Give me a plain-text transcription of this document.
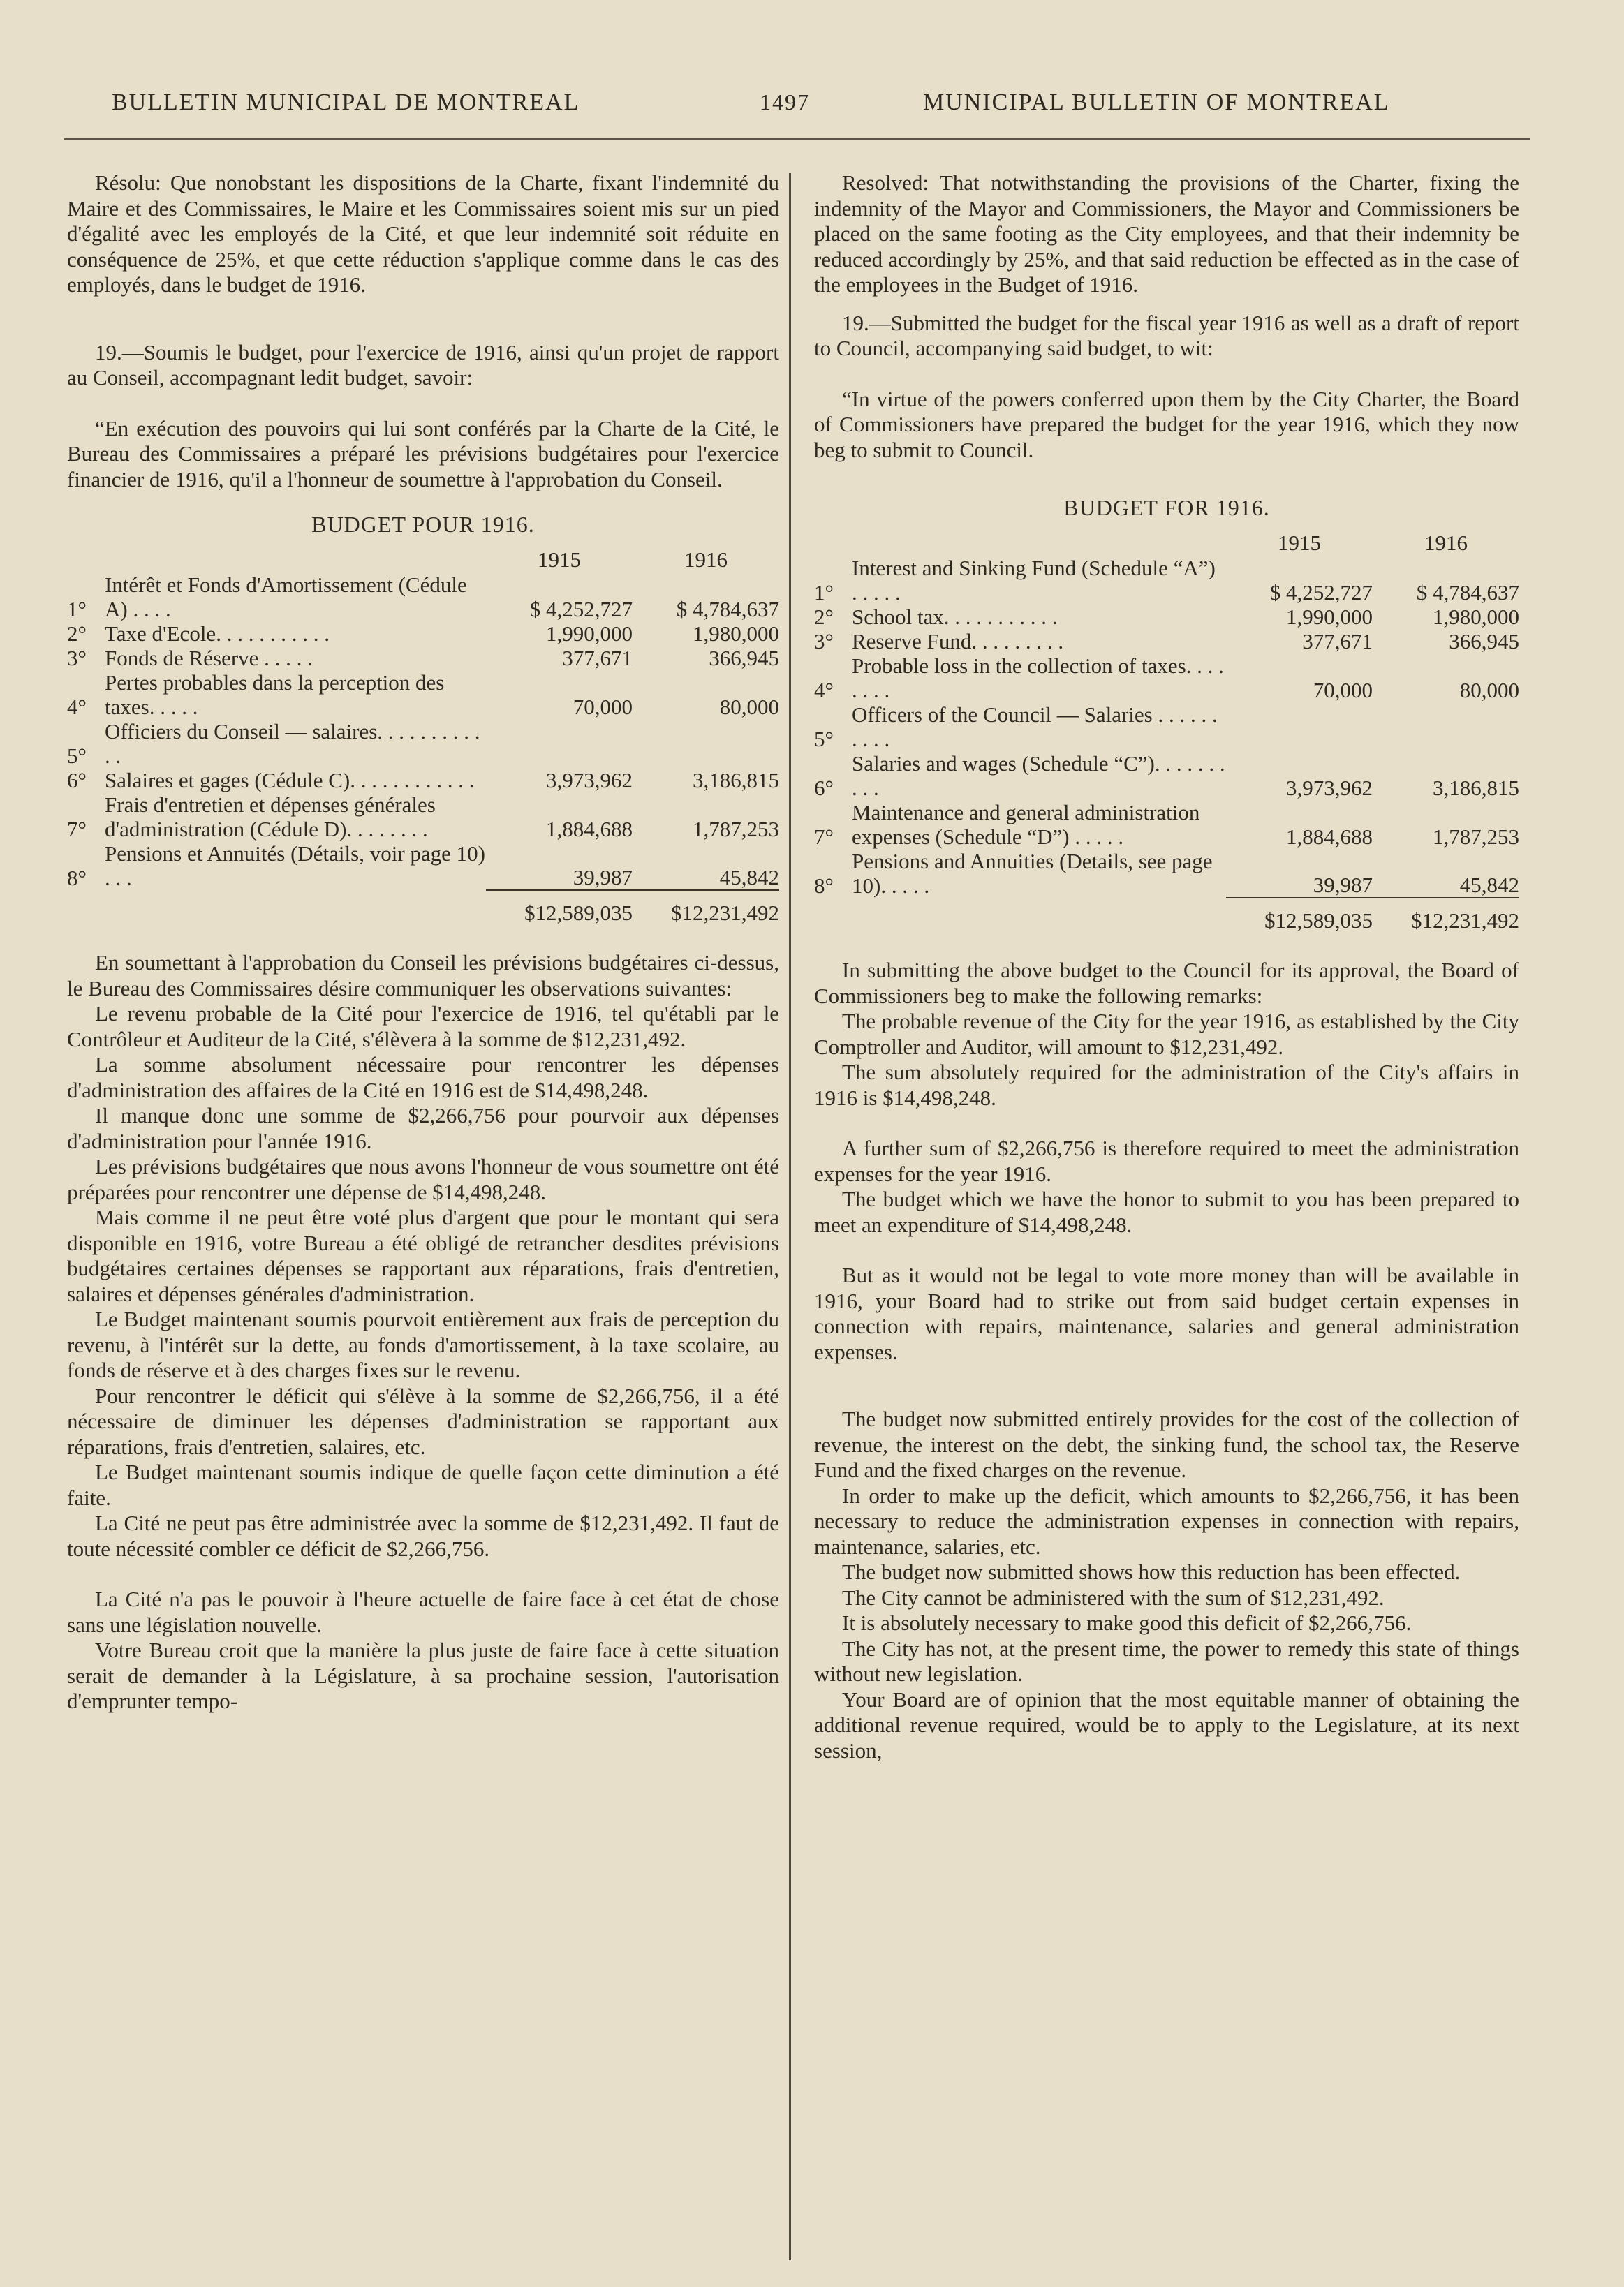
BULLETIN MUNICIPAL DE MONTREAL	1497	MUNICIPAL BULLETIN OF MONTREAL

Résolu: Que nonobstant les dispositions de la Charte, fixant l'indemnité du Maire et des Commissaires, le Maire et les Commissaires soient mis sur un pied d'égalité avec les employés de la Cité, et que leur indemnité soit réduite en conséquence de 25%, et que cette réduction s'applique comme dans le cas des employés, dans le budget de 1916.

19.—Soumis le budget, pour l'exercice de 1916, ainsi qu'un projet de rapport au Conseil, accompagnant ledit budget, savoir:

“En exécution des pouvoirs qui lui sont conférés par la Charte de la Cité, le Bureau des Commissaires a préparé les prévisions budgétaires pour l'exercice financier de 1916, qu'il a l'honneur de soumettre à l'approbation du Conseil.

BUDGET POUR 1916.
1915	1916
1°	Intérêt et Fonds d'Amortissement (Cédule A) . . . .	$ 4,252,727	$ 4,784,637
2°	Taxe d'Ecole. . . . . . . . . . .	1,990,000	1,980,000
3°	Fonds de Réserve . . . . .	377,671	366,945
4°	Pertes probables dans la perception des taxes. . . . .	70,000	80,000
5°	Officiers du Conseil — salaires. . . . . . . . . . . .		
6°	Salaires et gages (Cédule C). . . . . . . . . . . .	3,973,962	3,186,815
7°	Frais d'entretien et dépenses générales d'administration (Cédule D). . . . . . . .	1,884,688	1,787,253
8°	Pensions et Annuités (Détails, voir page 10) . . .	39,987	45,842
		$12,589,035	$12,231,492

En soumettant à l'approbation du Conseil les prévisions budgétaires ci-dessus, le Bureau des Commissaires désire communiquer les observations suivantes:

Le revenu probable de la Cité pour l'exercice de 1916, tel qu'établi par le Contrôleur et Auditeur de la Cité, s'élèvera à la somme de $12,231,492.

La somme absolument nécessaire pour rencontrer les dépenses d'administration des affaires de la Cité en 1916 est de $14,498,248.

Il manque donc une somme de $2,266,756 pour pourvoir aux dépenses d'administration pour l'année 1916.

Les prévisions budgétaires que nous avons l'honneur de vous soumettre ont été préparées pour rencontrer une dépense de $14,498,248.

Mais comme il ne peut être voté plus d'argent que pour le montant qui sera disponible en 1916, votre Bureau a été obligé de retrancher desdites prévisions budgétaires certaines dépenses se rapportant aux réparations, frais d'entretien, salaires et dépenses générales d'administration.

Le Budget maintenant soumis pourvoit entièrement aux frais de perception du revenu, à l'intérêt sur la dette, au fonds d'amortissement, à la taxe scolaire, au fonds de réserve et à des charges fixes sur le revenu.

Pour rencontrer le déficit qui s'élève à la somme de $2,266,756, il a été nécessaire de diminuer les dépenses d'administration se rapportant aux réparations, frais d'entretien, salaires, etc.

Le Budget maintenant soumis indique de quelle façon cette diminution a été faite.

La Cité ne peut pas être administrée avec la somme de $12,231,492. Il faut de toute nécessité combler ce déficit de $2,266,756.

La Cité n'a pas le pouvoir à l'heure actuelle de faire face à cet état de chose sans une législation nouvelle.

Votre Bureau croit que la manière la plus juste de faire face à cette situation serait de demander à la Législature, à sa prochaine session, l'autorisation d'emprunter tempo-

Resolved: That notwithstanding the provisions of the Charter, fixing the indemnity of the Mayor and Commissioners, the Mayor and Commissioners be placed on the same footing as the City employees, and that their indemnity be reduced accordingly by 25%, and that said reduction be effected as in the case of the employees in the Budget of 1916.

19.—Submitted the budget for the fiscal year 1916 as well as a draft of report to Council, accompanying said budget, to wit:

“In virtue of the powers conferred upon them by the City Charter, the Board of Commissioners have prepared the budget for the year 1916, which they now beg to submit to Council.

BUDGET FOR 1916.
1915	1916
1°	Interest and Sinking Fund (Schedule “A”) . . . . .	$ 4,252,727	$ 4,784,637
2°	School tax. . . . . . . . . . .	1,990,000	1,980,000
3°	Reserve Fund. . . . . . . . .	377,671	366,945
4°	Probable loss in the collection of taxes. . . . . . . .	70,000	80,000
5°	Officers of the Council — Salaries . . . . . . . . . .		
6°	Salaries and wages (Schedule “C”). . . . . . . . . .	3,973,962	3,186,815
7°	Maintenance and general administration expenses (Schedule “D”) . . . . .	1,884,688	1,787,253
8°	Pensions and Annuities (Details, see page 10). . . . .	39,987	45,842
		$12,589,035	$12,231,492

In submitting the above budget to the Council for its approval, the Board of Commissioners beg to make the following remarks:

The probable revenue of the City for the year 1916, as established by the City Comptroller and Auditor, will amount to $12,231,492.

The sum absolutely required for the administration of the City's affairs in 1916 is $14,498,248.

A further sum of $2,266,756 is therefore required to meet the administration expenses for the year 1916.

The budget which we have the honor to submit to you has been prepared to meet an expenditure of $14,498,248.

But as it would not be legal to vote more money than will be available in 1916, your Board had to strike out from said budget certain expenses in connection with repairs, maintenance, salaries and general administration expenses.

The budget now submitted entirely provides for the cost of the collection of revenue, the interest on the debt, the sinking fund, the school tax, the Reserve Fund and the fixed charges on the revenue.

In order to make up the deficit, which amounts to $2,266,756, it has been necessary to reduce the administration expenses in connection with repairs, maintenance, salaries, etc.

The budget now submitted shows how this reduction has been effected.

The City cannot be administered with the sum of $12,231,492.

It is absolutely necessary to make good this deficit of $2,266,756.

The City has not, at the present time, the power to remedy this state of things without new legislation.

Your Board are of opinion that the most equitable manner of obtaining the additional revenue required, would be to apply to the Legislature, at its next session,
